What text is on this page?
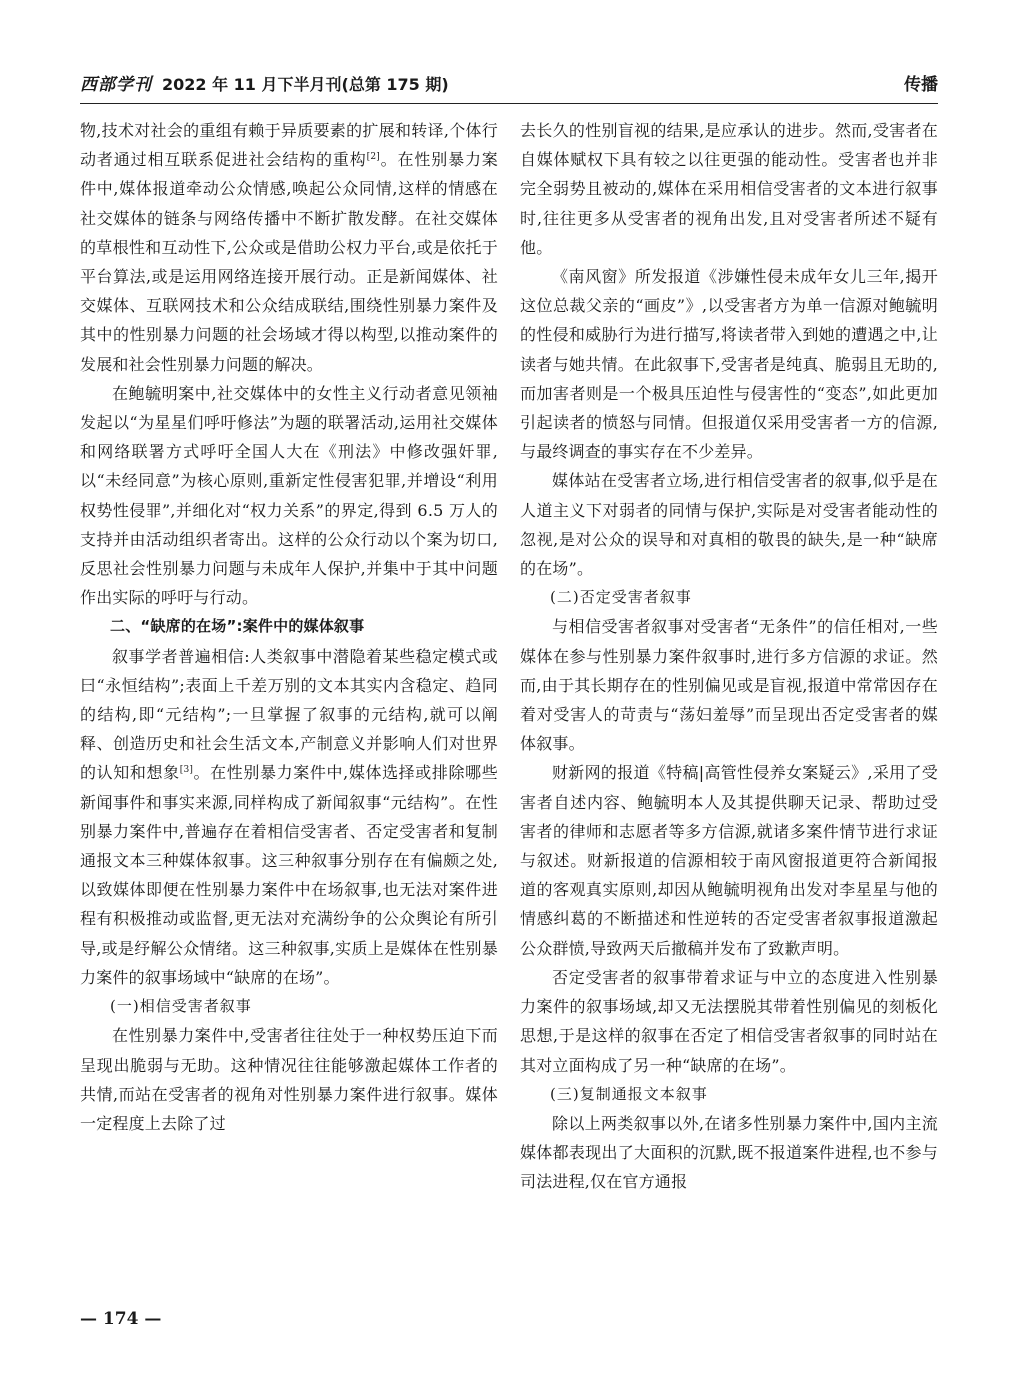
西部学刊 2022 年 11 月下半月刊(总第 175 期)	传播

物,技术对社会的重组有赖于异质要素的扩展和转译,个体行动者通过相互联系促进社会结构的重构[2]。在性别暴力案件中,媒体报道牵动公众情感,唤起公众同情,这样的情感在社交媒体的链条与网络传播中不断扩散发酵。在社交媒体的草根性和互动性下,公众或是借助公权力平台,或是依托于平台算法,或是运用网络连接开展行动。正是新闻媒体、社交媒体、互联网技术和公众结成联结,围绕性别暴力案件及其中的性别暴力问题的社会场域才得以构型,以推动案件的发展和社会性别暴力问题的解决。

在鲍毓明案中,社交媒体中的女性主义行动者意见领袖发起以“为星星们呼吁修法”为题的联署活动,运用社交媒体和网络联署方式呼吁全国人大在《刑法》中修改强奸罪,以“未经同意”为核心原则,重新定性侵害犯罪,并增设“利用权势性侵罪”,并细化对“权力关系”的界定,得到 6.5 万人的支持并由活动组织者寄出。这样的公众行动以个案为切口,反思社会性别暴力问题与未成年人保护,并集中于其中问题作出实际的呼吁与行动。

二、“缺席的在场”:案件中的媒体叙事

叙事学者普遍相信:人类叙事中潜隐着某些稳定模式或曰“永恒结构”;表面上千差万别的文本其实内含稳定、趋同的结构,即“元结构”;一旦掌握了叙事的元结构,就可以阐释、创造历史和社会生活文本,产制意义并影响人们对世界的认知和想象[3]。在性别暴力案件中,媒体选择或排除哪些新闻事件和事实来源,同样构成了新闻叙事“元结构”。在性别暴力案件中,普遍存在着相信受害者、否定受害者和复制通报文本三种媒体叙事。这三种叙事分别存在有偏颇之处,以致媒体即便在性别暴力案件中在场叙事,也无法对案件进程有积极推动或监督,更无法对充满纷争的公众舆论有所引导,或是纾解公众情绪。这三种叙事,实质上是媒体在性别暴力案件的叙事场域中“缺席的在场”。

(一)相信受害者叙事

在性别暴力案件中,受害者往往处于一种权势压迫下而呈现出脆弱与无助。这种情况往往能够激起媒体工作者的共情,而站在受害者的视角对性别暴力案件进行叙事。媒体一定程度上去除了过

去长久的性别盲视的结果,是应承认的进步。然而,受害者在自媒体赋权下具有较之以往更强的能动性。受害者也并非完全弱势且被动的,媒体在采用相信受害者的文本进行叙事时,往往更多从受害者的视角出发,且对受害者所述不疑有他。

《南风窗》所发报道《涉嫌性侵未成年女儿三年,揭开这位总裁父亲的“画皮”》,以受害者方为单一信源对鲍毓明的性侵和威胁行为进行描写,将读者带入到她的遭遇之中,让读者与她共情。在此叙事下,受害者是纯真、脆弱且无助的,而加害者则是一个极具压迫性与侵害性的“变态”,如此更加引起读者的愤怒与同情。但报道仅采用受害者一方的信源,与最终调查的事实存在不少差异。

媒体站在受害者立场,进行相信受害者的叙事,似乎是在人道主义下对弱者的同情与保护,实际是对受害者能动性的忽视,是对公众的误导和对真相的敬畏的缺失,是一种“缺席的在场”。

(二)否定受害者叙事

与相信受害者叙事对受害者“无条件”的信任相对,一些媒体在参与性别暴力案件叙事时,进行多方信源的求证。然而,由于其长期存在的性别偏见或是盲视,报道中常常因存在着对受害人的苛责与“荡妇羞辱”而呈现出否定受害者的媒体叙事。

财新网的报道《特稿|高管性侵养女案疑云》,采用了受害者自述内容、鲍毓明本人及其提供聊天记录、帮助过受害者的律师和志愿者等多方信源,就诸多案件情节进行求证与叙述。财新报道的信源相较于南风窗报道更符合新闻报道的客观真实原则,却因从鲍毓明视角出发对李星星与他的情感纠葛的不断描述和性逆转的否定受害者叙事报道激起公众群愤,导致两天后撤稿并发布了致歉声明。

否定受害者的叙事带着求证与中立的态度进入性别暴力案件的叙事场域,却又无法摆脱其带着性别偏见的刻板化思想,于是这样的叙事在否定了相信受害者叙事的同时站在其对立面构成了另一种“缺席的在场”。

(三)复制通报文本叙事

除以上两类叙事以外,在诸多性别暴力案件中,国内主流媒体都表现出了大面积的沉默,既不报道案件进程,也不参与司法进程,仅在官方通报

— 174 —
